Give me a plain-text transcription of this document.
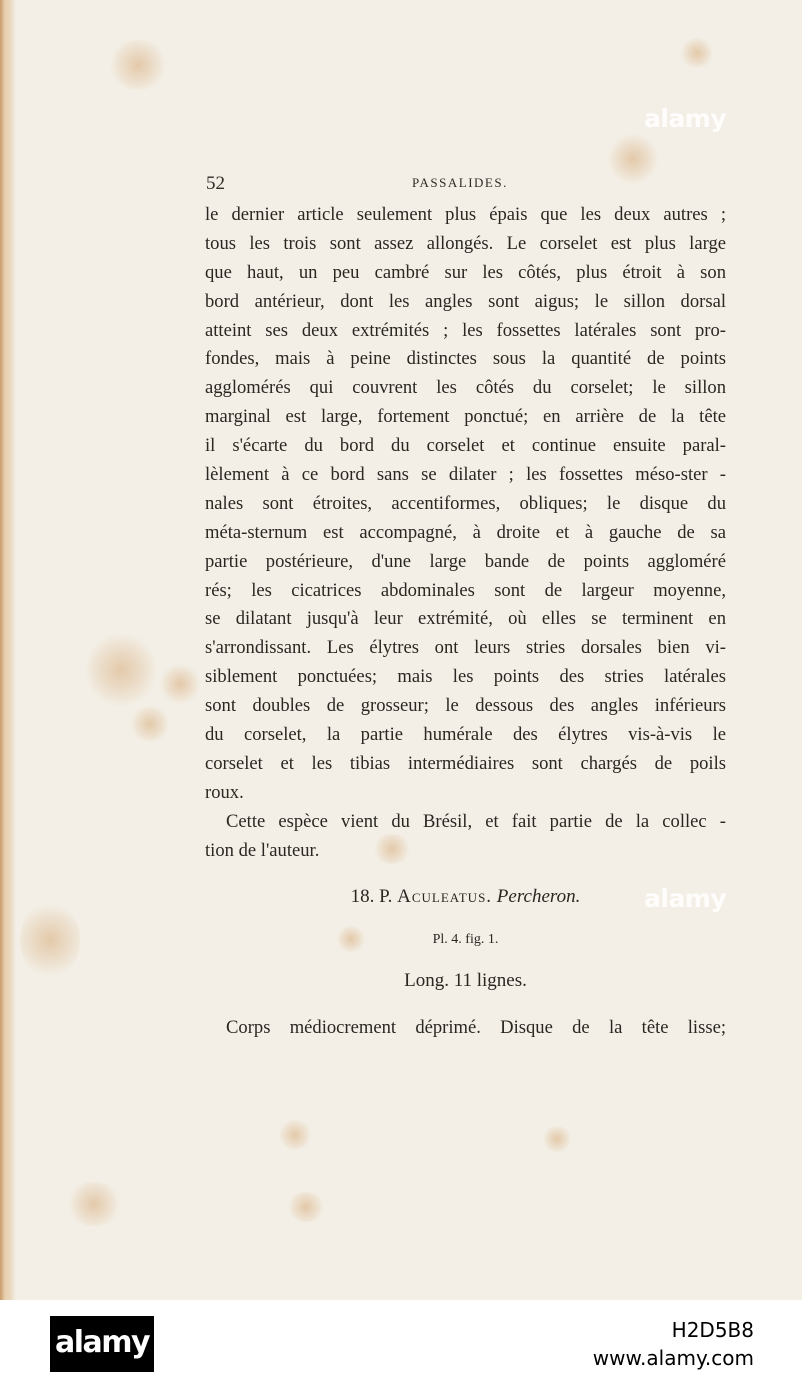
alamy
alamy
52	PASSALIDES.
le dernier article seulement plus épais que les deux autres ;
tous les trois sont assez allongés. Le corselet est plus large
que haut, un peu cambré sur les côtés, plus étroit à son
bord antérieur, dont les angles sont aigus; le sillon dorsal
atteint ses deux extrémités ; les fossettes latérales sont pro-
fondes, mais à peine distinctes sous la quantité de points
agglomérés qui couvrent les côtés du corselet; le sillon
marginal est large, fortement ponctué; en arrière de la tête
il s'écarte du bord du corselet et continue ensuite paral-
lèlement à ce bord sans se dilater ; les fossettes méso-ster -
nales sont étroites, accentiformes, obliques; le disque du
méta-sternum est accompagné, à droite et à gauche de sa
partie postérieure, d'une large bande de points aggloméré
rés; les cicatrices abdominales sont de largeur moyenne,
se dilatant jusqu'à leur extrémité, où elles se terminent en
s'arrondissant. Les élytres ont leurs stries dorsales bien vi-
siblement ponctuées; mais les points des stries latérales
sont doubles de grosseur; le dessous des angles inférieurs
du corselet, la partie humérale des élytres vis-à-vis le
corselet et les tibias intermédiaires sont chargés de poils
roux.
Cette espèce vient du Brésil, et fait partie de la collec -
tion de l'auteur.
18. P. Aculeatus. Percheron.
Pl. 4. fig. 1.
Long. 11 lignes.
Corps médiocrement déprimé. Disque de la tête lisse;
alamy	H2D5B8
www.alamy.com
